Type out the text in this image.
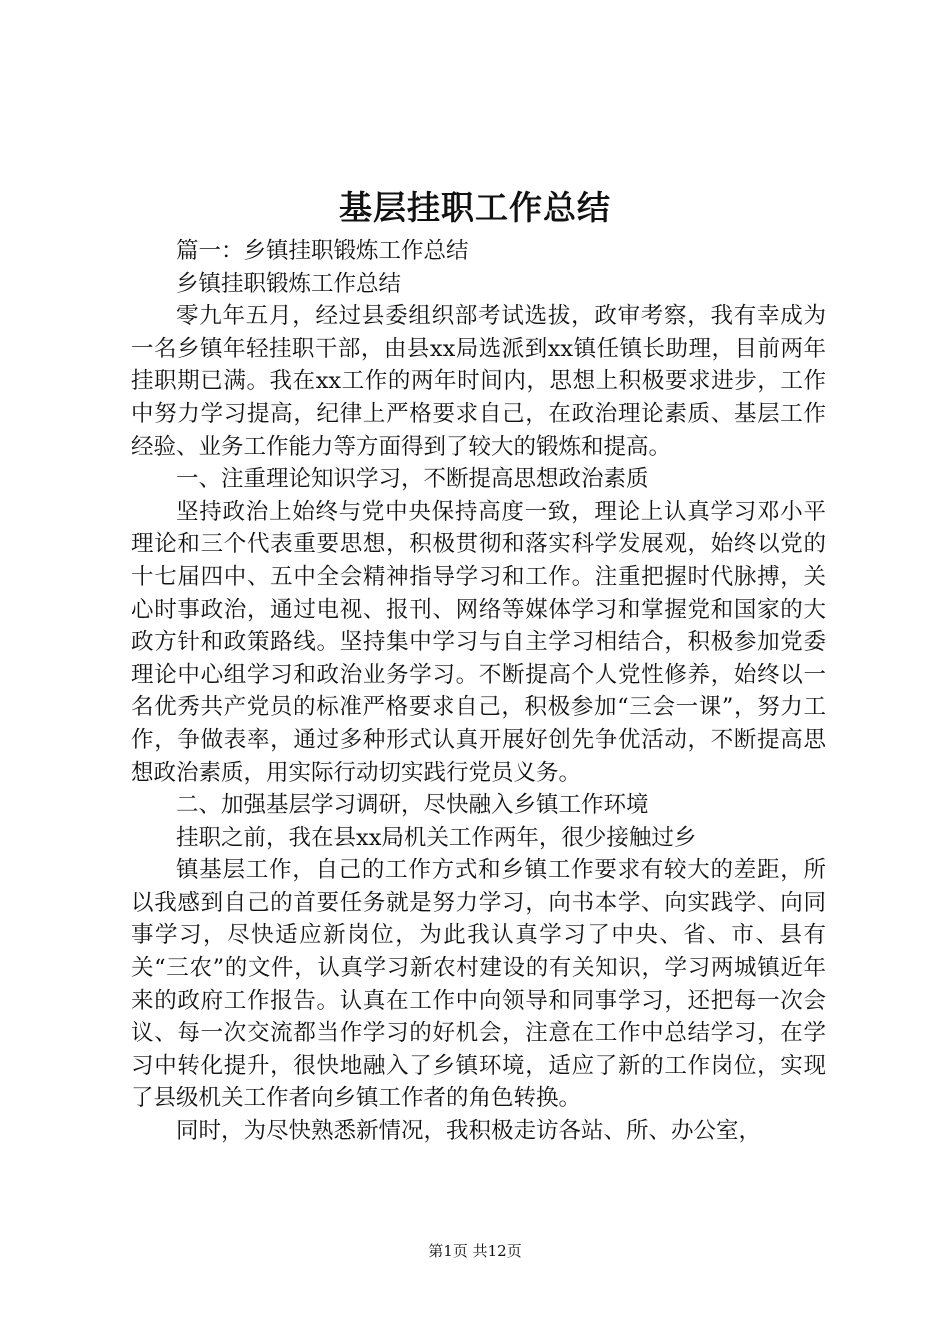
基层挂职工作总结

篇一：乡镇挂职锻炼工作总结

乡镇挂职锻炼工作总结

零九年五月，经过县委组织部考试选拔，政审考察，我有幸成为一名乡镇年轻挂职干部，由县xx局选派到xx镇任镇长助理，目前两年挂职期已满。我在xx工作的两年时间内，思想上积极要求进步，工作中努力学习提高，纪律上严格要求自己，在政治理论素质、基层工作经验、业务工作能力等方面得到了较大的锻炼和提高。

一、注重理论知识学习，不断提高思想政治素质

坚持政治上始终与党中央保持高度一致，理论上认真学习邓小平理论和三个代表重要思想，积极贯彻和落实科学发展观，始终以党的十七届四中、五中全会精神指导学习和工作。注重把握时代脉搏，关心时事政治，通过电视、报刊、网络等媒体学习和掌握党和国家的大政方针和政策路线。坚持集中学习与自主学习相结合，积极参加党委理论中心组学习和政治业务学习。不断提高个人党性修养，始终以一名优秀共产党员的标准严格要求自己，积极参加“三会一课”，努力工作，争做表率，通过多种形式认真开展好创先争优活动，不断提高思想政治素质，用实际行动切实践行党员义务。

二、加强基层学习调研，尽快融入乡镇工作环境

挂职之前，我在县xx局机关工作两年，很少接触过乡

镇基层工作，自己的工作方式和乡镇工作要求有较大的差距，所以我感到自己的首要任务就是努力学习，向书本学、向实践学、向同事学习，尽快适应新岗位，为此我认真学习了中央、省、市、县有关“三农”的文件，认真学习新农村建设的有关知识，学习两城镇近年来的政府工作报告。认真在工作中向领导和同事学习，还把每一次会议、每一次交流都当作学习的好机会，注意在工作中总结学习，在学习中转化提升，很快地融入了乡镇环境，适应了新的工作岗位，实现了县级机关工作者向乡镇工作者的角色转换。

同时，为尽快熟悉新情况，我积极走访各站、所、办公室，

第1页 共12页
